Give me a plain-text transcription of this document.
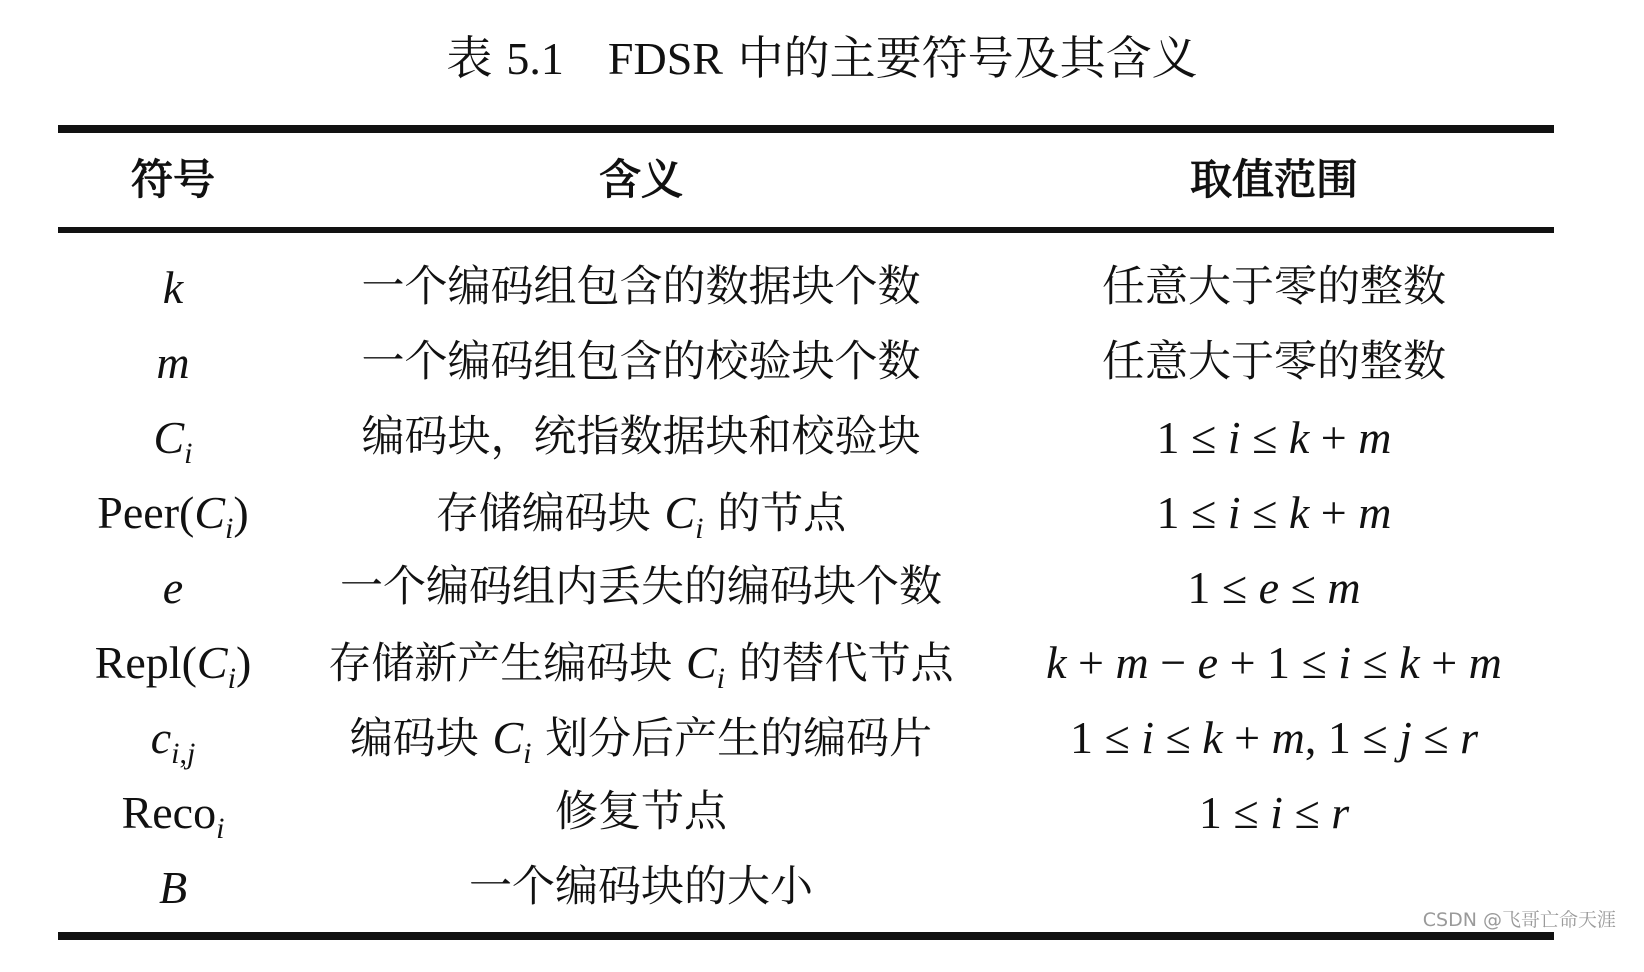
表 5.1 FDSR 中的主要符号及其含义
符号	含义	取值范围
k	一个编码组包含的数据块个数	任意大于零的整数
m	一个编码组包含的校验块个数	任意大于零的整数
$C_i$	编码块，统指数据块和校验块	1 ≤ i ≤ k + m
$Peer(C_i)$	存储编码块 $C_i$ 的节点	1 ≤ i ≤ k + m
e	一个编码组内丢失的编码块个数	1 ≤ e ≤ m
$Repl(C_i)$	存储新产生编码块 $C_i$ 的替代节点	k + m − e + 1 ≤ i ≤ k + m
$c_{i,j}$	编码块 $C_i$ 划分后产生的编码片	1 ≤ i ≤ k + m, 1 ≤ j ≤ r
Reco$_i$	修复节点	1 ≤ i ≤ r
B	一个编码块的大小
CSDN @飞哥亡命天涯
